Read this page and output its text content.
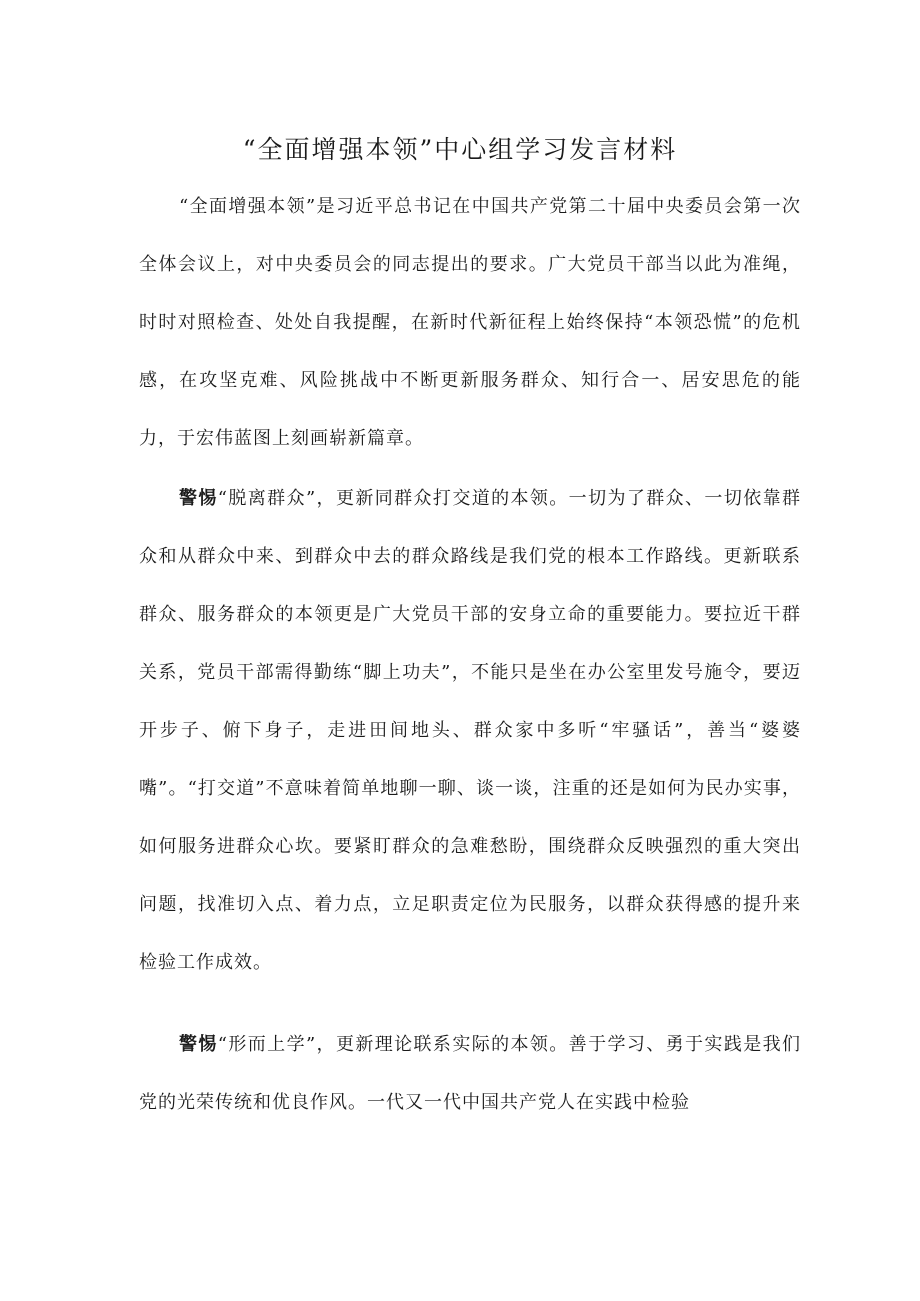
“全面增强本领”中心组学习发言材料

“全面增强本领”是习近平总书记在中国共产党第二十届中央委员会第一次全体会议上，对中央委员会的同志提出的要求。广大党员干部当以此为准绳，时时对照检查、处处自我提醒，在新时代新征程上始终保持“本领恐慌”的危机感，在攻坚克难、风险挑战中不断更新服务群众、知行合一、居安思危的能力，于宏伟蓝图上刻画崭新篇章。

警惕“脱离群众”，更新同群众打交道的本领。一切为了群众、一切依靠群众和从群众中来、到群众中去的群众路线是我们党的根本工作路线。更新联系群众、服务群众的本领更是广大党员干部的安身立命的重要能力。要拉近干群关系，党员干部需得勤练“脚上功夫”，不能只是坐在办公室里发号施令，要迈开步子、俯下身子，走进田间地头、群众家中多听“牢骚话”，善当“婆婆嘴”。“打交道”不意味着简单地聊一聊、谈一谈，注重的还是如何为民办实事，如何服务进群众心坎。要紧盯群众的急难愁盼，围绕群众反映强烈的重大突出问题，找准切入点、着力点，立足职责定位为民服务，以群众获得感的提升来检验工作成效。

警惕“形而上学”，更新理论联系实际的本领。善于学习、勇于实践是我们党的光荣传统和优良作风。一代又一代中国共产党人在实践中检验
